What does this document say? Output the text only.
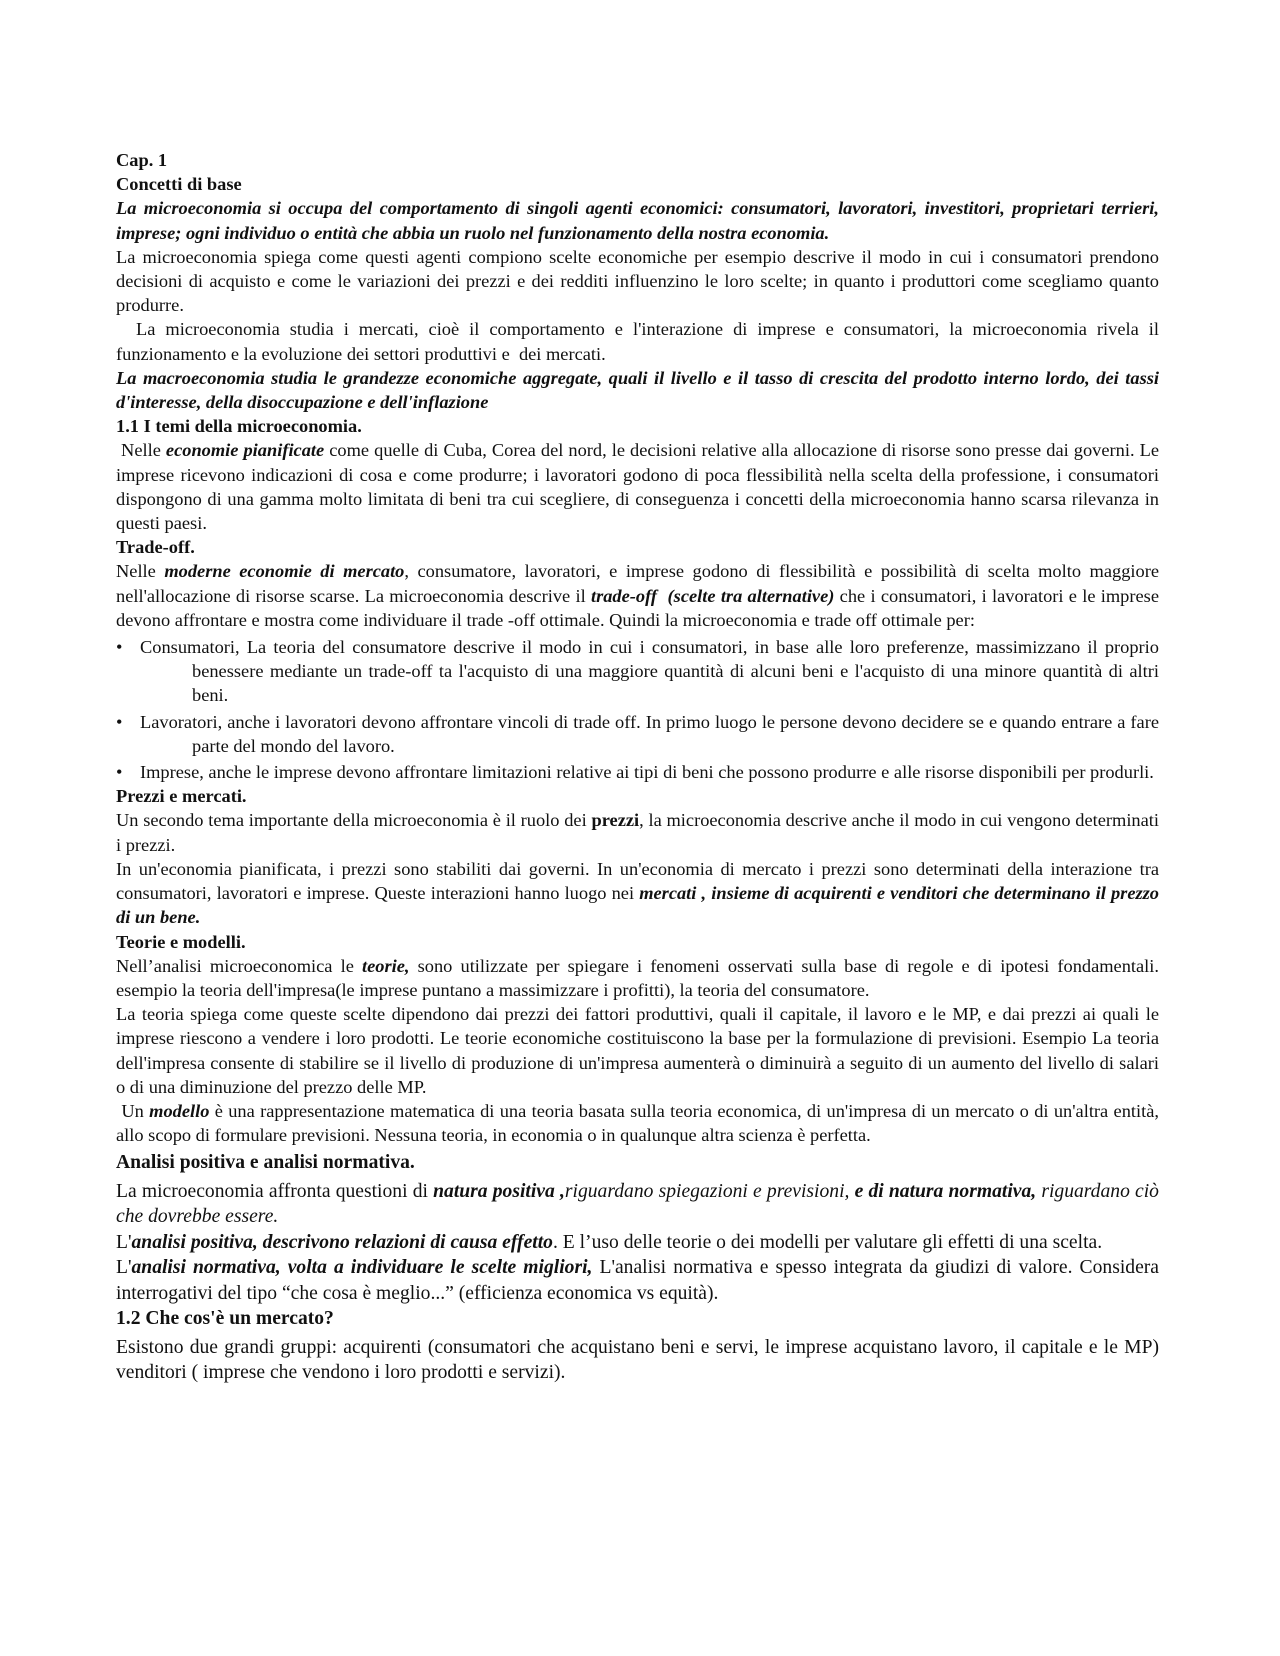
Cap. 1

Concetti di base

La microeconomia si occupa del comportamento di singoli agenti economici: consumatori, lavoratori, investitori, proprietari terrieri, imprese; ogni individuo o entità che abbia un ruolo nel funzionamento della nostra economia.

La microeconomia spiega come questi agenti compiono scelte economiche per esempio descrive il modo in cui i consumatori prendono decisioni di acquisto e come le variazioni dei prezzi e dei redditi influenzino le loro scelte; in quanto i produttori come scegliamo quanto produrre.

La microeconomia studia i mercati, cioè il comportamento e l'interazione di imprese e consumatori, la microeconomia rivela il funzionamento e la evoluzione dei settori produttivi e  dei mercati.

La macroeconomia studia le grandezze economiche aggregate, quali il livello e il tasso di crescita del prodotto interno lordo, dei tassi d'interesse, della disoccupazione e dell'inflazione

1.1 I temi della microeconomia.

Nelle economie pianificate come quelle di Cuba, Corea del nord, le decisioni relative alla allocazione di risorse sono presse dai governi. Le imprese ricevono indicazioni di cosa e come produrre; i lavoratori godono di poca flessibilità nella scelta della professione, i consumatori dispongono di una gamma molto limitata di beni tra cui scegliere, di conseguenza i concetti della microeconomia hanno scarsa rilevanza in questi paesi.

Trade-off.

Nelle moderne economie di mercato, consumatore, lavoratori, e imprese godono di flessibilità e possibilità di scelta molto maggiore nell'allocazione di risorse scarse. La microeconomia descrive il trade-off  (scelte tra alternative) che i consumatori, i lavoratori e le imprese devono affrontare e mostra come individuare il trade -off ottimale. Quindi la microeconomia e trade off ottimale per:

• Consumatori, La teoria del consumatore descrive il modo in cui i consumatori, in base alle loro preferenze, massimizzano il proprio benessere mediante un trade-off ta l'acquisto di una maggiore quantità di alcuni beni e l'acquisto di una minore quantità di altri beni.
• Lavoratori, anche i lavoratori devono affrontare vincoli di trade off. In primo luogo le persone devono decidere se e quando entrare a fare parte del mondo del lavoro.
• Imprese, anche le imprese devono affrontare limitazioni relative ai tipi di beni che possono produrre e alle risorse disponibili per produrli.

Prezzi e mercati.

Un secondo tema importante della microeconomia è il ruolo dei prezzi, la microeconomia descrive anche il modo in cui vengono determinati i prezzi.

In un'economia pianificata, i prezzi sono stabiliti dai governi. In un'economia di mercato i prezzi sono determinati della interazione tra consumatori, lavoratori e imprese. Queste interazioni hanno luogo nei mercati , insieme di acquirenti e venditori che determinano il prezzo di un bene.

Teorie e modelli.

Nell’analisi microeconomica le teorie, sono utilizzate per spiegare i fenomeni osservati sulla base di regole e di ipotesi fondamentali. esempio la teoria dell'impresa(le imprese puntano a massimizzare i profitti), la teoria del consumatore.

La teoria spiega come queste scelte dipendono dai prezzi dei fattori produttivi, quali il capitale, il lavoro e le MP, e dai prezzi ai quali le imprese riescono a vendere i loro prodotti. Le teorie economiche costituiscono la base per la formulazione di previsioni. Esempio La teoria dell'impresa consente di stabilire se il livello di produzione di un'impresa aumenterà o diminuirà a seguito di un aumento del livello di salari o di una diminuzione del prezzo delle MP.

Un modello è una rappresentazione matematica di una teoria basata sulla teoria economica, di un'impresa di un mercato o di un'altra entità, allo scopo di formulare previsioni. Nessuna teoria, in economia o in qualunque altra scienza è perfetta.

Analisi positiva e analisi normativa.

La microeconomia affronta questioni di natura positiva ,riguardano spiegazioni e previsioni, e di natura normativa, riguardano ciò che dovrebbe essere.

L'analisi positiva, descrivono relazioni di causa effetto. E l’uso delle teorie o dei modelli per valutare gli effetti di una scelta.

L'analisi normativa, volta a individuare le scelte migliori, L'analisi normativa e spesso integrata da giudizi di valore. Considera interrogativi del tipo “che cosa è meglio...” (efficienza economica vs equità).

1.2 Che cos'è un mercato?

Esistono due grandi gruppi: acquirenti (consumatori che acquistano beni e servi, le imprese acquistano lavoro, il capitale e le MP) venditori ( imprese che vendono i loro prodotti e servizi).
